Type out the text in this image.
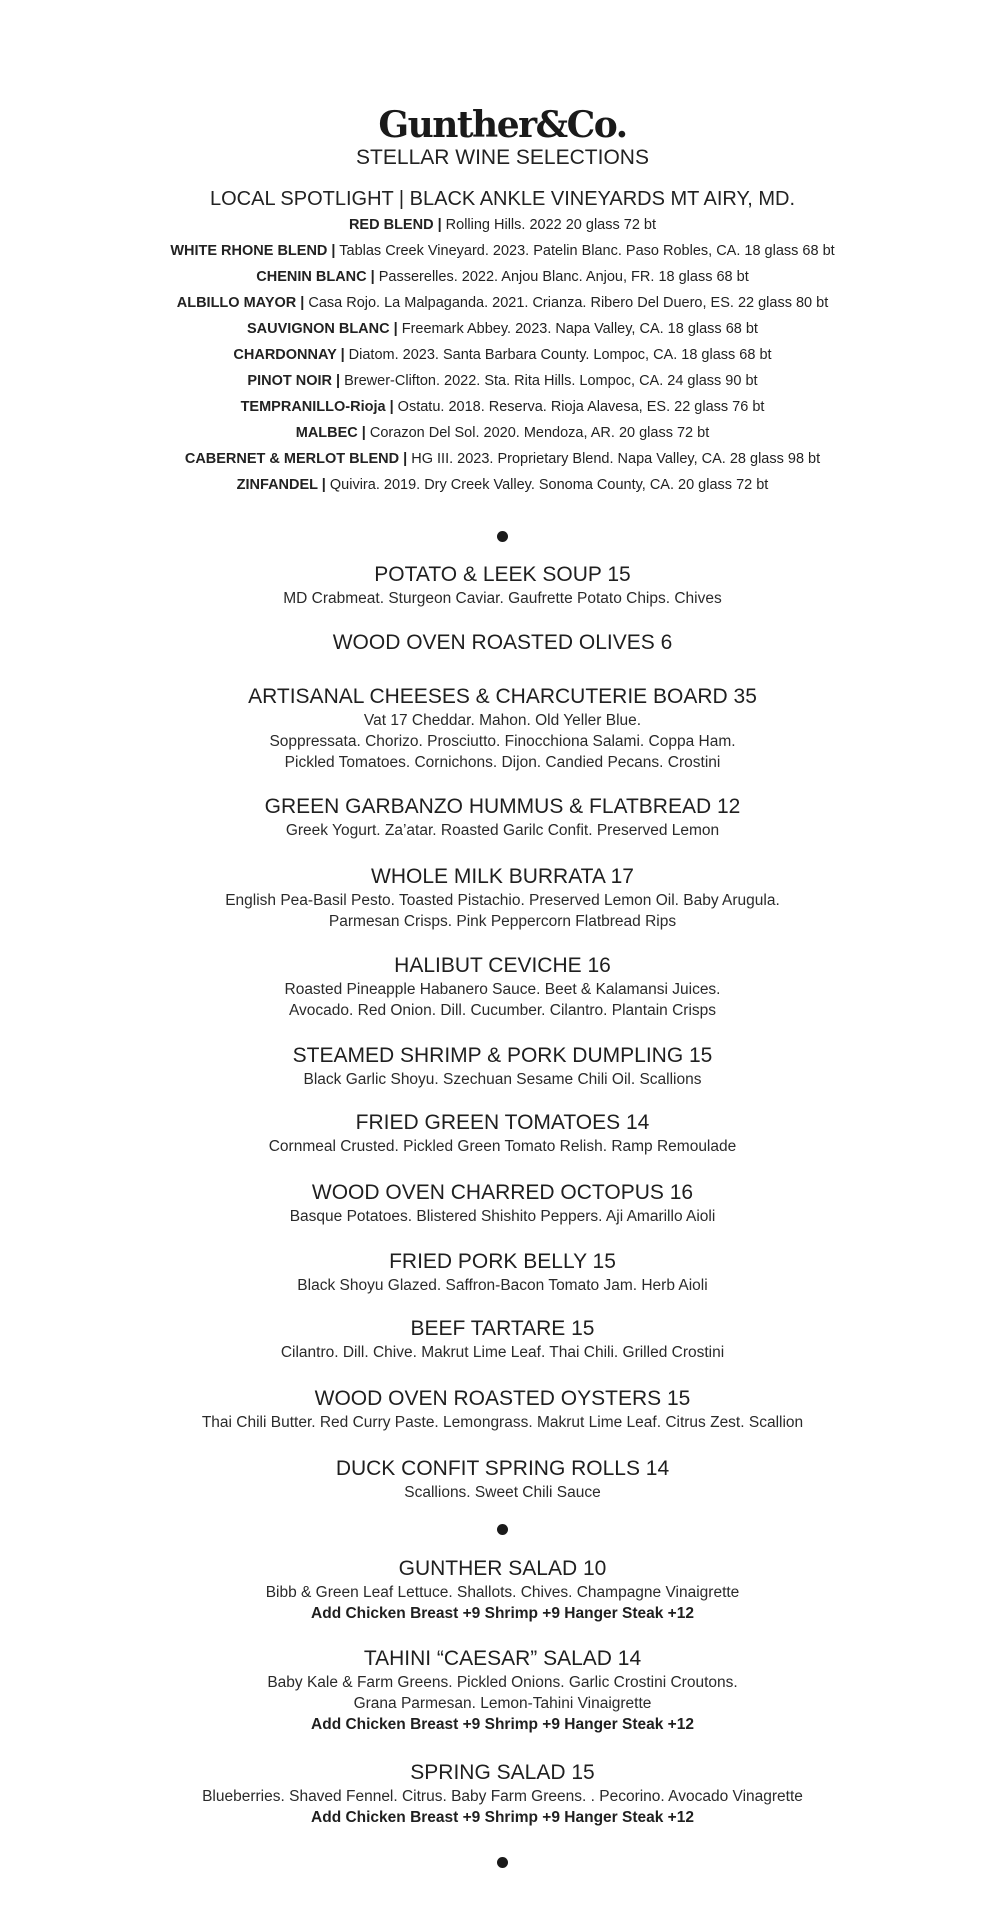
Gunther&Co.
STELLAR WINE SELECTIONS
LOCAL SPOTLIGHT | BLACK ANKLE VINEYARDS MT AIRY, MD.
RED BLEND | Rolling Hills. 2022 20 glass 72 bt
WHITE RHONE BLEND | Tablas Creek Vineyard. 2023. Patelin Blanc. Paso Robles, CA. 18 glass 68 bt
CHENIN BLANC | Passerelles. 2022. Anjou Blanc. Anjou, FR. 18 glass 68 bt
ALBILLO MAYOR | Casa Rojo. La Malpaganda. 2021. Crianza. Ribero Del Duero, ES. 22 glass 80 bt
SAUVIGNON BLANC | Freemark Abbey. 2023. Napa Valley, CA. 18 glass 68 bt
CHARDONNAY | Diatom. 2023. Santa Barbara County. Lompoc, CA. 18 glass 68 bt
PINOT NOIR | Brewer-Clifton. 2022. Sta. Rita Hills. Lompoc, CA. 24 glass 90 bt
TEMPRANILLO-Rioja | Ostatu. 2018. Reserva. Rioja Alavesa, ES. 22 glass 76 bt
MALBEC | Corazon Del Sol. 2020. Mendoza, AR. 20 glass 72 bt
CABERNET & MERLOT BLEND | HG III. 2023. Proprietary Blend. Napa Valley, CA. 28 glass 98 bt
ZINFANDEL | Quivira. 2019. Dry Creek Valley. Sonoma County, CA. 20 glass 72 bt
POTATO & LEEK SOUP 15
MD Crabmeat. Sturgeon Caviar. Gaufrette Potato Chips. Chives
WOOD OVEN ROASTED OLIVES 6
ARTISANAL CHEESES & CHARCUTERIE BOARD 35
Vat 17 Cheddar. Mahon. Old Yeller Blue.
Soppressata. Chorizo. Prosciutto. Finocchiona Salami. Coppa Ham.
Pickled Tomatoes. Cornichons. Dijon. Candied Pecans. Crostini
GREEN GARBANZO HUMMUS & FLATBREAD 12
Greek Yogurt. Za’atar. Roasted Garilc Confit. Preserved Lemon
WHOLE MILK BURRATA 17
English Pea-Basil Pesto. Toasted Pistachio. Preserved Lemon Oil. Baby Arugula.
Parmesan Crisps. Pink Peppercorn Flatbread Rips
HALIBUT CEVICHE 16
Roasted Pineapple Habanero Sauce. Beet & Kalamansi Juices.
Avocado. Red Onion. Dill. Cucumber. Cilantro. Plantain Crisps
STEAMED SHRIMP & PORK DUMPLING 15
Black Garlic Shoyu. Szechuan Sesame Chili Oil. Scallions
FRIED GREEN TOMATOES 14
Cornmeal Crusted. Pickled Green Tomato Relish. Ramp Remoulade
WOOD OVEN CHARRED OCTOPUS 16
Basque Potatoes. Blistered Shishito Peppers. Aji Amarillo Aioli
FRIED PORK BELLY 15
Black Shoyu Glazed. Saffron-Bacon Tomato Jam. Herb Aioli
BEEF TARTARE 15
Cilantro. Dill. Chive. Makrut Lime Leaf. Thai Chili. Grilled Crostini
WOOD OVEN ROASTED OYSTERS 15
Thai Chili Butter. Red Curry Paste. Lemongrass. Makrut Lime Leaf. Citrus Zest. Scallion
DUCK CONFIT SPRING ROLLS 14
Scallions. Sweet Chili Sauce
GUNTHER SALAD 10
Bibb & Green Leaf Lettuce. Shallots. Chives. Champagne Vinaigrette
Add Chicken Breast +9 Shrimp +9 Hanger Steak +12
TAHINI “CAESAR” SALAD 14
Baby Kale & Farm Greens. Pickled Onions. Garlic Crostini Croutons.
Grana Parmesan. Lemon-Tahini Vinaigrette
Add Chicken Breast +9 Shrimp +9 Hanger Steak +12
SPRING SALAD 15
Blueberries. Shaved Fennel. Citrus. Baby Farm Greens. . Pecorino. Avocado Vinagrette
Add Chicken Breast +9 Shrimp +9 Hanger Steak +12
